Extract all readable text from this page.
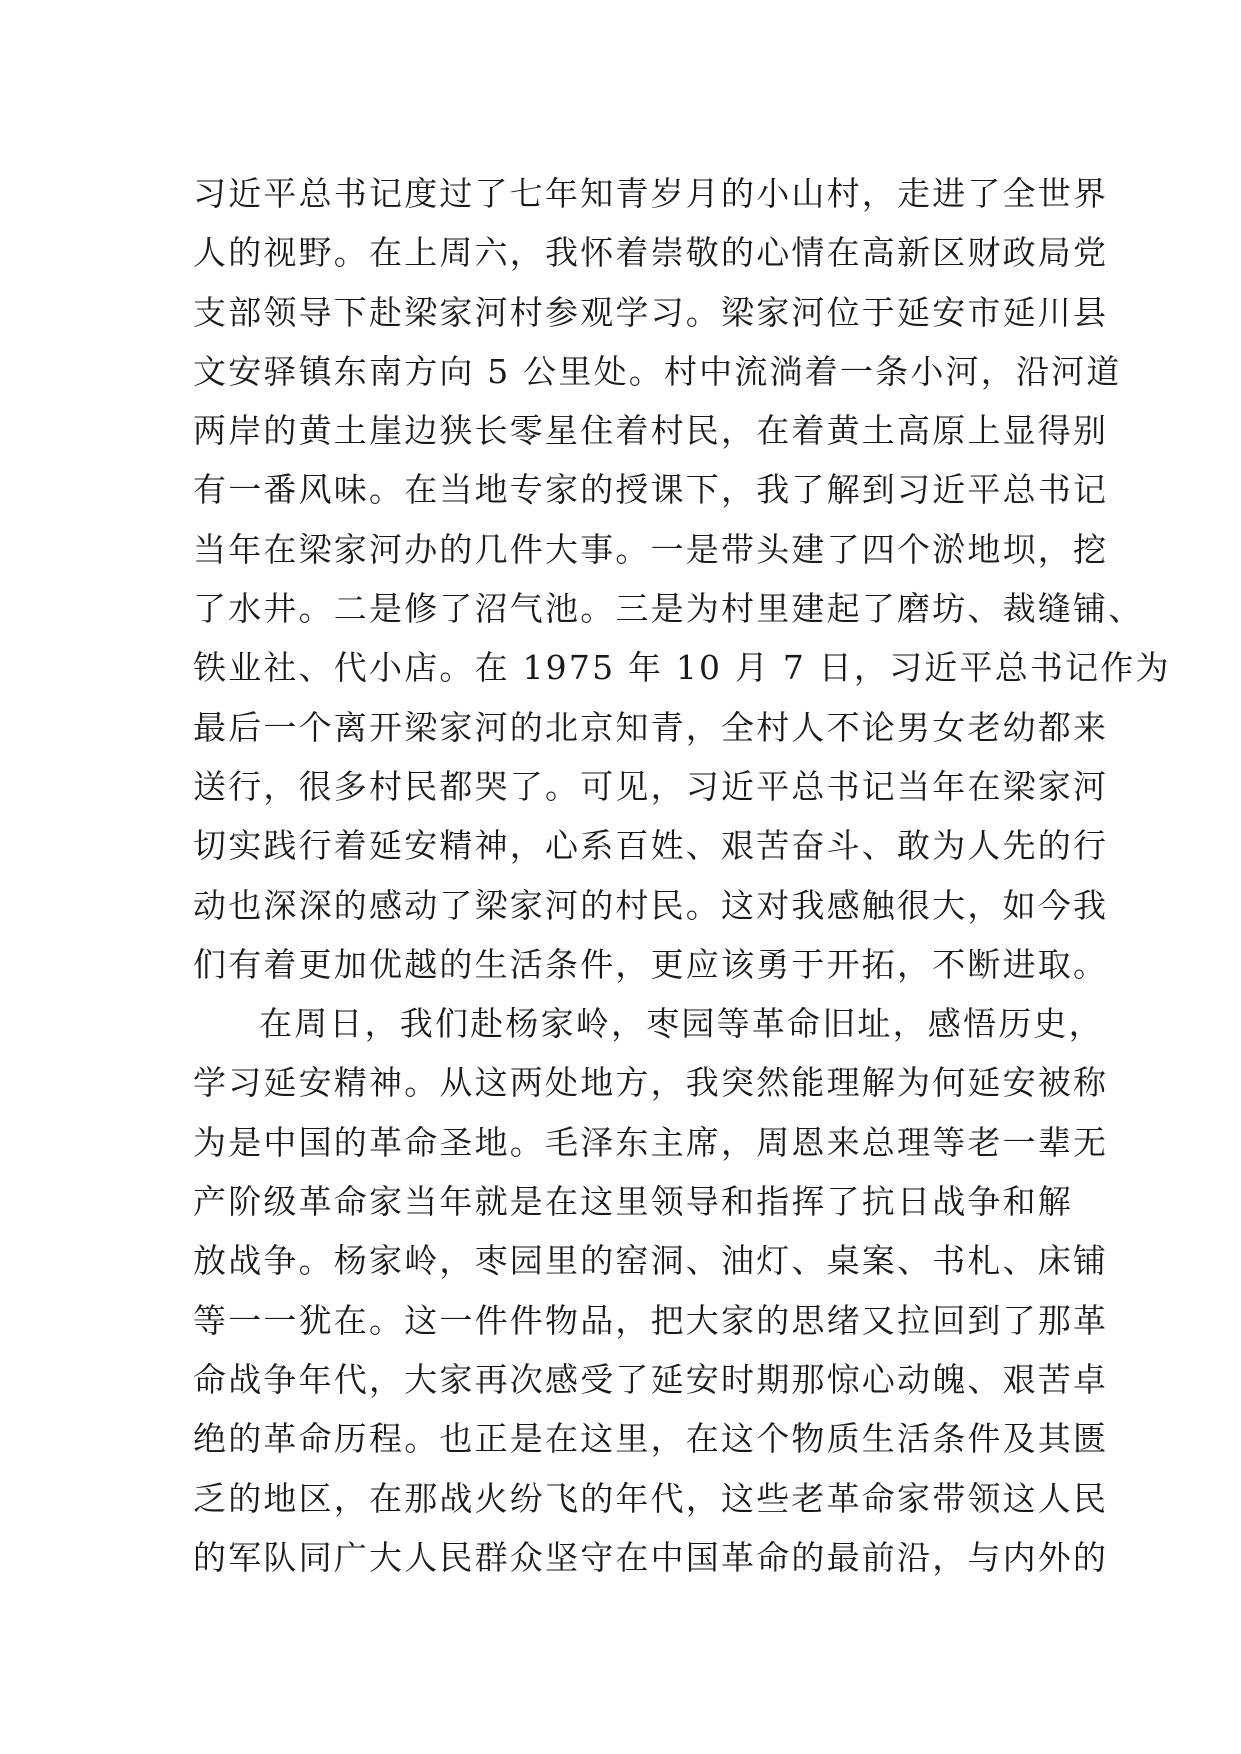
习近平总书记度过了七年知青岁月的小山村，走进了全世界
人的视野。在上周六，我怀着崇敬的心情在高新区财政局党
支部领导下赴梁家河村参观学习。梁家河位于延安市延川县
文安驿镇东南方向 5 公里处。村中流淌着一条小河，沿河道
两岸的黄土崖边狭长零星住着村民，在着黄土高原上显得别
有一番风味。在当地专家的授课下，我了解到习近平总书记
当年在梁家河办的几件大事。一是带头建了四个淤地坝，挖
了水井。二是修了沼气池。三是为村里建起了磨坊、裁缝铺、
铁业社、代小店。在 1975 年 10 月 7 日，习近平总书记作为
最后一个离开梁家河的北京知青，全村人不论男女老幼都来
送行，很多村民都哭了。可见，习近平总书记当年在梁家河
切实践行着延安精神，心系百姓、艰苦奋斗、敢为人先的行
动也深深的感动了梁家河的村民。这对我感触很大，如今我
们有着更加优越的生活条件，更应该勇于开拓，不断进取。
在周日，我们赴杨家岭，枣园等革命旧址，感悟历史，
学习延安精神。从这两处地方，我突然能理解为何延安被称
为是中国的革命圣地。毛泽东主席，周恩来总理等老一辈无
产阶级革命家当年就是在这里领导和指挥了抗日战争和解
放战争。杨家岭，枣园里的窑洞、油灯、桌案、书札、床铺
等一一犹在。这一件件物品，把大家的思绪又拉回到了那革
命战争年代，大家再次感受了延安时期那惊心动魄、艰苦卓
绝的革命历程。也正是在这里，在这个物质生活条件及其匮
乏的地区，在那战火纷飞的年代，这些老革命家带领这人民
的军队同广大人民群众坚守在中国革命的最前沿，与内外的
